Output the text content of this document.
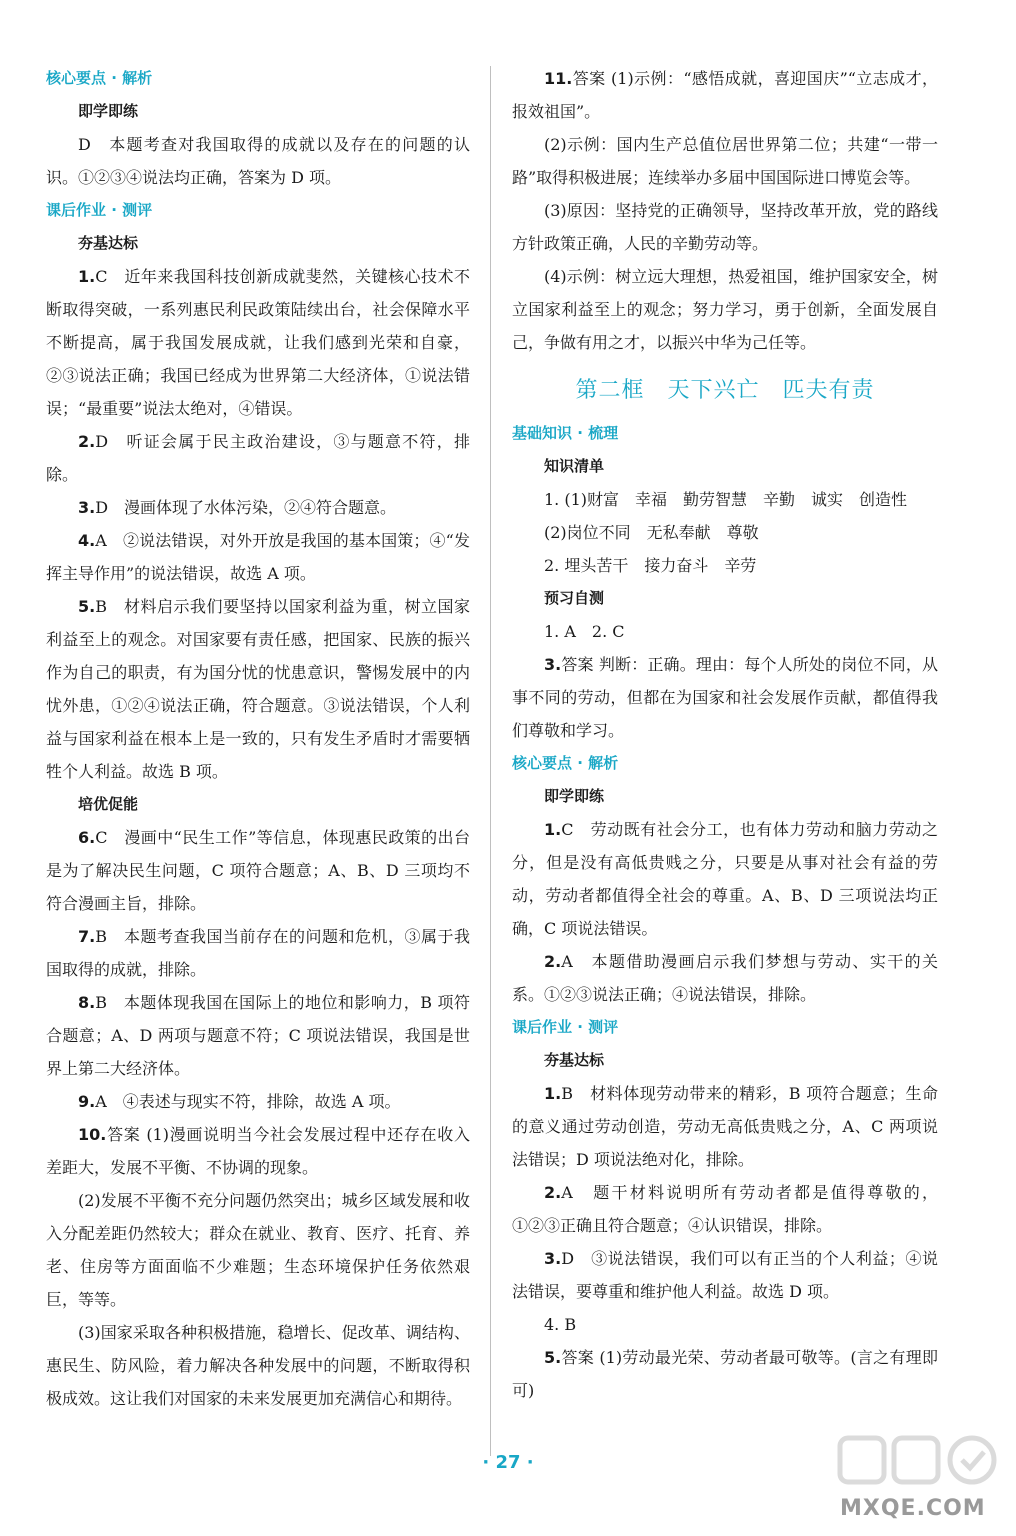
核心要点 · 解析
即学即练

D　本题考查对我国取得的成就以及存在的问题的认识。①②③④说法均正确，答案为 D 项。

课后作业 · 测评
夯基达标

1.C　近年来我国科技创新成就斐然，关键核心技术不断取得突破，一系列惠民利民政策陆续出台，社会保障水平不断提高，属于我国发展成就，让我们感到光荣和自豪，②③说法正确；我国已经成为世界第二大经济体，①说法错误；“最重要”说法太绝对，④错误。

2.D　听证会属于民主政治建设，③与题意不符，排除。

3.D　漫画体现了水体污染，②④符合题意。

4.A　②说法错误，对外开放是我国的基本国策；④“发挥主导作用”的说法错误，故选 A 项。

5.B　材料启示我们要坚持以国家利益为重，树立国家利益至上的观念。对国家要有责任感，把国家、民族的振兴作为自己的职责，有为国分忧的忧患意识，警惕发展中的内忧外患，①②④说法正确，符合题意。③说法错误，个人利益与国家利益在根本上是一致的，只有发生矛盾时才需要牺牲个人利益。故选 B 项。

培优促能

6.C　漫画中“民生工作”等信息，体现惠民政策的出台是为了解决民生问题，C 项符合题意；A、B、D 三项均不符合漫画主旨，排除。

7.B　本题考查我国当前存在的问题和危机，③属于我国取得的成就，排除。

8.B　本题体现我国在国际上的地位和影响力，B 项符合题意；A、D 两项与题意不符；C 项说法错误，我国是世界上第二大经济体。

9.A　④表述与现实不符，排除，故选 A 项。

10.答案 (1)漫画说明当今社会发展过程中还存在收入差距大，发展不平衡、不协调的现象。

(2)发展不平衡不充分问题仍然突出；城乡区域发展和收入分配差距仍然较大；群众在就业、教育、医疗、托育、养老、住房等方面面临不少难题；生态环境保护任务依然艰巨，等等。

(3)国家采取各种积极措施，稳增长、促改革、调结构、惠民生、防风险，着力解决各种发展中的问题，不断取得积极成效。这让我们对国家的未来发展更加充满信心和期待。

11.答案 (1)示例：“感悟成就，喜迎国庆”“立志成才，报效祖国”。

(2)示例：国内生产总值位居世界第二位；共建“一带一路”取得积极进展；连续举办多届中国国际进口博览会等。

(3)原因：坚持党的正确领导，坚持改革开放，党的路线方针政策正确，人民的辛勤劳动等。

(4)示例：树立远大理想，热爱祖国，维护国家安全，树立国家利益至上的观念；努力学习，勇于创新，全面发展自己，争做有用之才，以振兴中华为己任等。

第二框　天下兴亡　匹夫有责
基础知识 · 梳理
知识清单

1. (1)财富　幸福　勤劳智慧　辛勤　诚实　创造性

(2)岗位不同　无私奉献　尊敬

2. 埋头苦干　接力奋斗　辛劳

预习自测

1. A　2. C

3.答案 判断：正确。理由：每个人所处的岗位不同，从事不同的劳动，但都在为国家和社会发展作贡献，都值得我们尊敬和学习。

核心要点 · 解析
即学即练

1.C　劳动既有社会分工，也有体力劳动和脑力劳动之分，但是没有高低贵贱之分，只要是从事对社会有益的劳动，劳动者都值得全社会的尊重。A、B、D 三项说法均正确，C 项说法错误。

2.A　本题借助漫画启示我们梦想与劳动、实干的关系。①②③说法正确；④说法错误，排除。

课后作业 · 测评
夯基达标

1.B　材料体现劳动带来的精彩，B 项符合题意；生命的意义通过劳动创造，劳动无高低贵贱之分，A、C 两项说法错误；D 项说法绝对化，排除。

2.A　题干材料说明所有劳动者都是值得尊敬的，①②③正确且符合题意；④认识错误，排除。

3.D　③说法错误，我们可以有正当的个人利益；④说法错误，要尊重和维护他人利益。故选 D 项。

4. B

5.答案 (1)劳动最光荣、劳动者最可敬等。(言之有理即可)

· 27 ·
MXQE.COM
